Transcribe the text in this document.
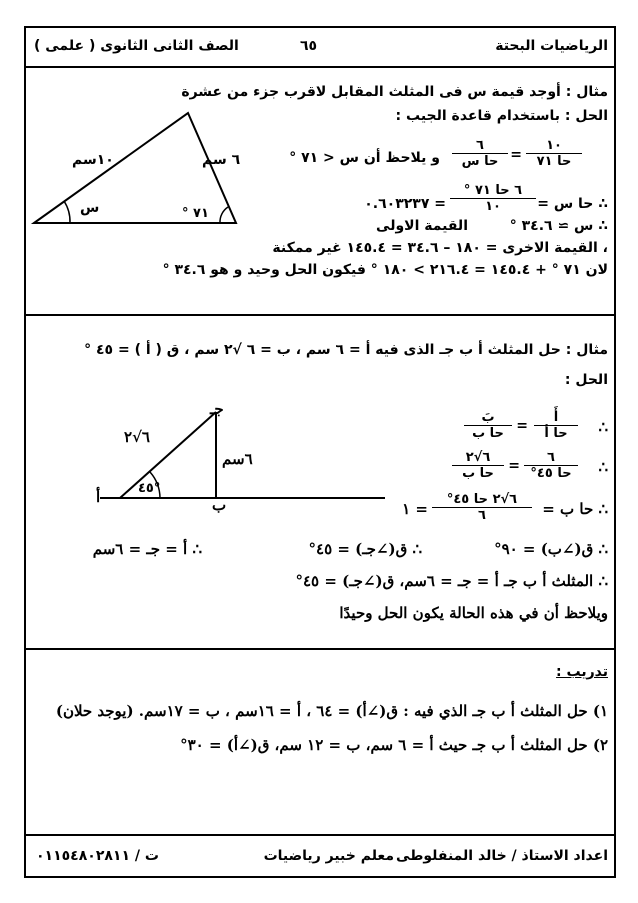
الرياضيات البحتة
٦٥
الصف الثانى الثانوى ( علمى )
مثال : أوجد قيمة س فى المثلث المقابل لاقرب جزء من عشرة
الحل : باستخدام قاعدة الجيب :
١٠سم	٦ سم
س	٧١ °
١٠
حا ٧١
=
٦
حا س
و يلاحظ أن س < ٧١ °
∴ حا س =
٦ حا ٧١ °
١٠
= ٠.٦٠٣٢٣٧
∴ س ≃ ٣٤.٦ °
القيمة الاولى
، القيمة الاخرى = ١٨٠ – ٣٤.٦ = ١٤٥.٤ غير ممكنة
لان ٧١ ° + ١٤٥.٤ = ٢١٦.٤ > ١٨٠ ° فيكون الحل وحيد و هو ٣٤.٦ °
مثال : حل المثلث أ ب جـ الذى فيه أ = ٦ سم ، ب = ٦ √٢ سم ، ق ( أ ) = ٤٥ °
الحل :
أ	ب
جـ
٦√٢
٦سم
°٤٥
∴
أَ
حا أ
=
بَ
حا ب
∴
٦
حا ٤٥°
=
٦√٢
حا ب
∴ حا ب =
٦√٢ حا ٤٥°
٦
= ١
∴ ق(∠ب) = ٩٠°
∴ ق(∠جـ) = ٤٥°
∴ أ = جـ = ٦سم
∴ المثلث أ ب جـ أ = جـ = ٦سم، ق(∠جـ) = ٤٥°
ويلاحظ أن في هذه الحالة يكون الحل وحيدًا
تدريب :
١) حل المثلث أ ب جـ الذي فيه : ق(∠أ) = ٦٤ ، أ = ١٦سم ، ب = ١٧سم. (يوجد حلان)
٢) حل المثلث أ ب جـ حيث أ = ٦ سم، ب = ١٢ سم، ق(∠أ) = ٣٠°
اعداد الاستاذ / خالد المنفلوطى
معلم خبير رياضيات
ت / ٠١١٥٤٨٠٢٨١١
